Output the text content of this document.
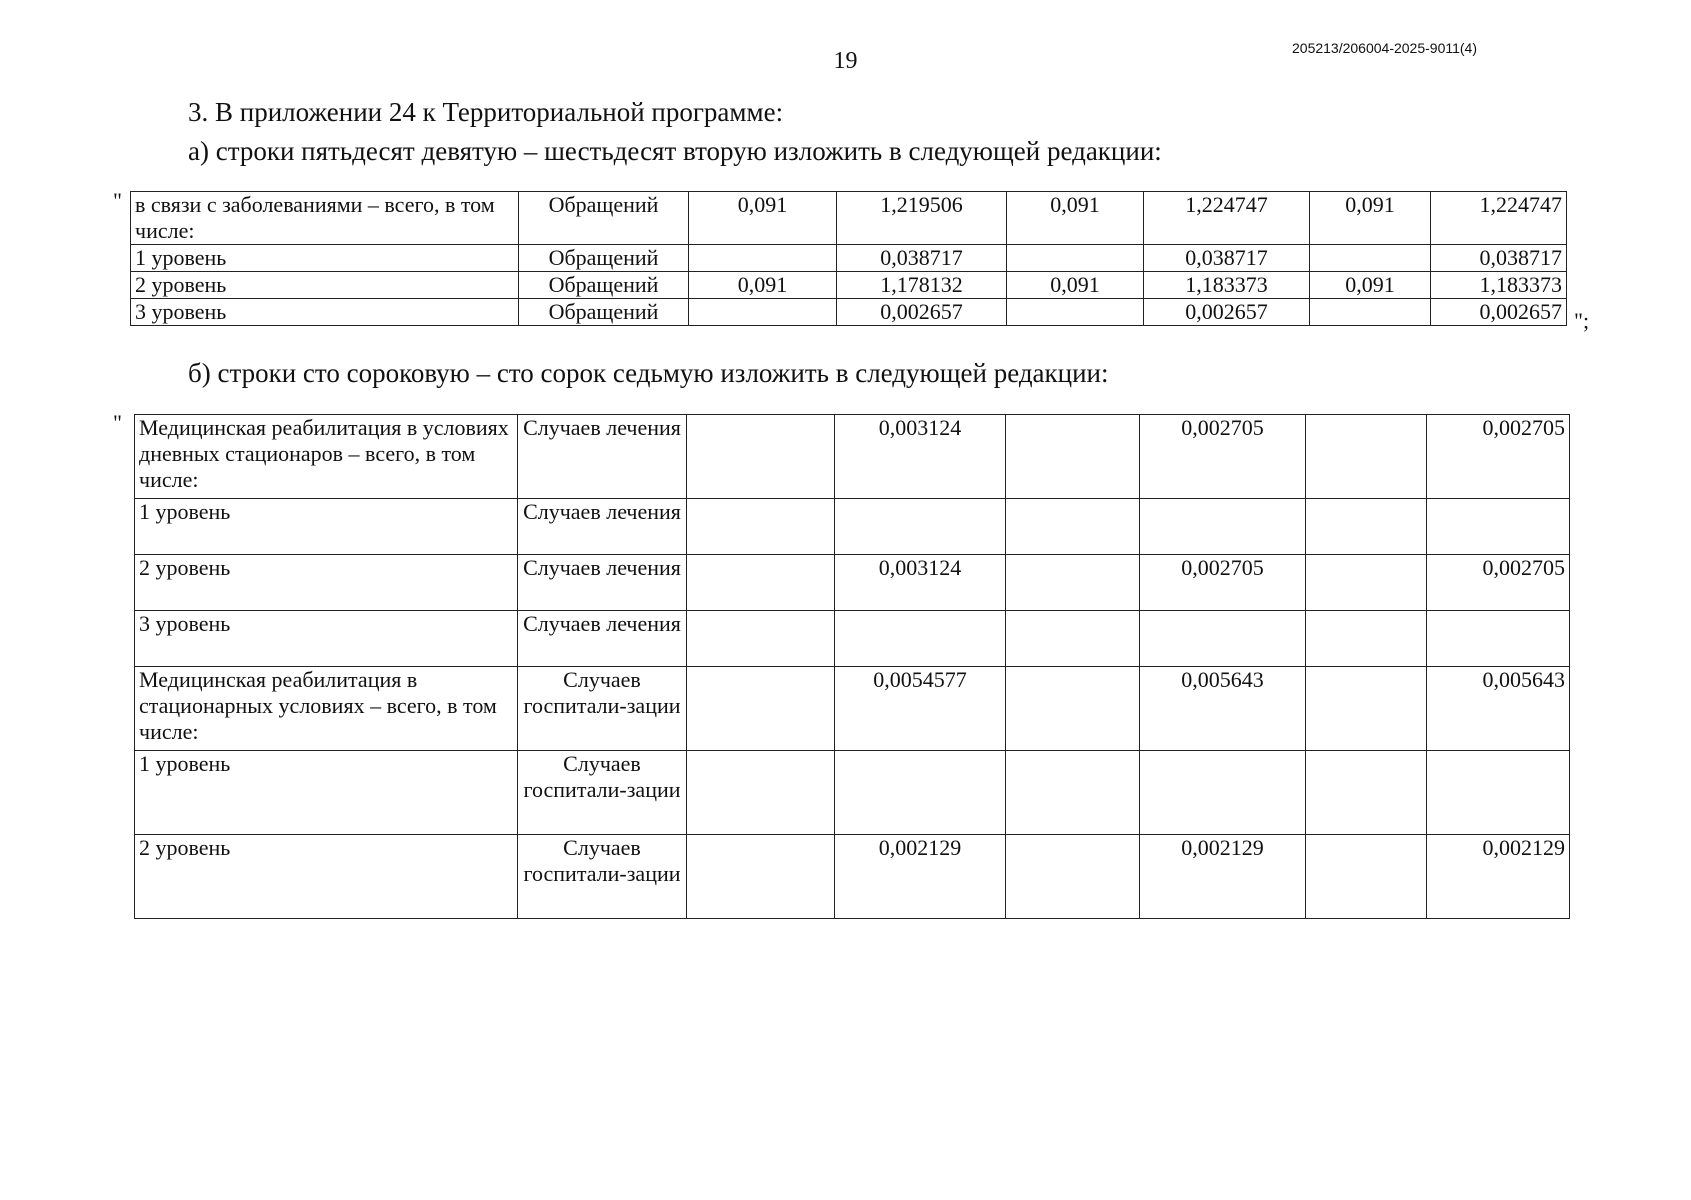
19	205213/206004-2025-9011(4)
3. В приложении 24 к Территориальной программе:
а) строки пятьдесят девятую – шестьдесят вторую изложить в следующей редакции:
" в связи с заболеваниями – всего, в том числе:	Обращений	0,091	1,219506	0,091	1,224747	0,091	1,224747
1 уровень	Обращений		0,038717		0,038717		0,038717
2 уровень	Обращений	0,091	1,178132	0,091	1,183373	0,091	1,183373
3 уровень	Обращений		0,002657		0,002657		0,002657 ";
б) строки сто сороковую – сто сорок седьмую изложить в следующей редакции:
" Медицинская реабилитация в условиях дневных стационаров – всего, в том числе:	Случаев лечения		0,003124		0,002705		0,002705
1 уровень	Случаев лечения						
2 уровень	Случаев лечения		0,003124		0,002705		0,002705
3 уровень	Случаев лечения						
Медицинская реабилитация в стационарных условиях – всего, в том числе:	Случаев госпитали-зации		0,0054577		0,005643		0,005643
1 уровень	Случаев госпитали-зации						
2 уровень	Случаев госпитали-зации		0,002129		0,002129		0,002129
